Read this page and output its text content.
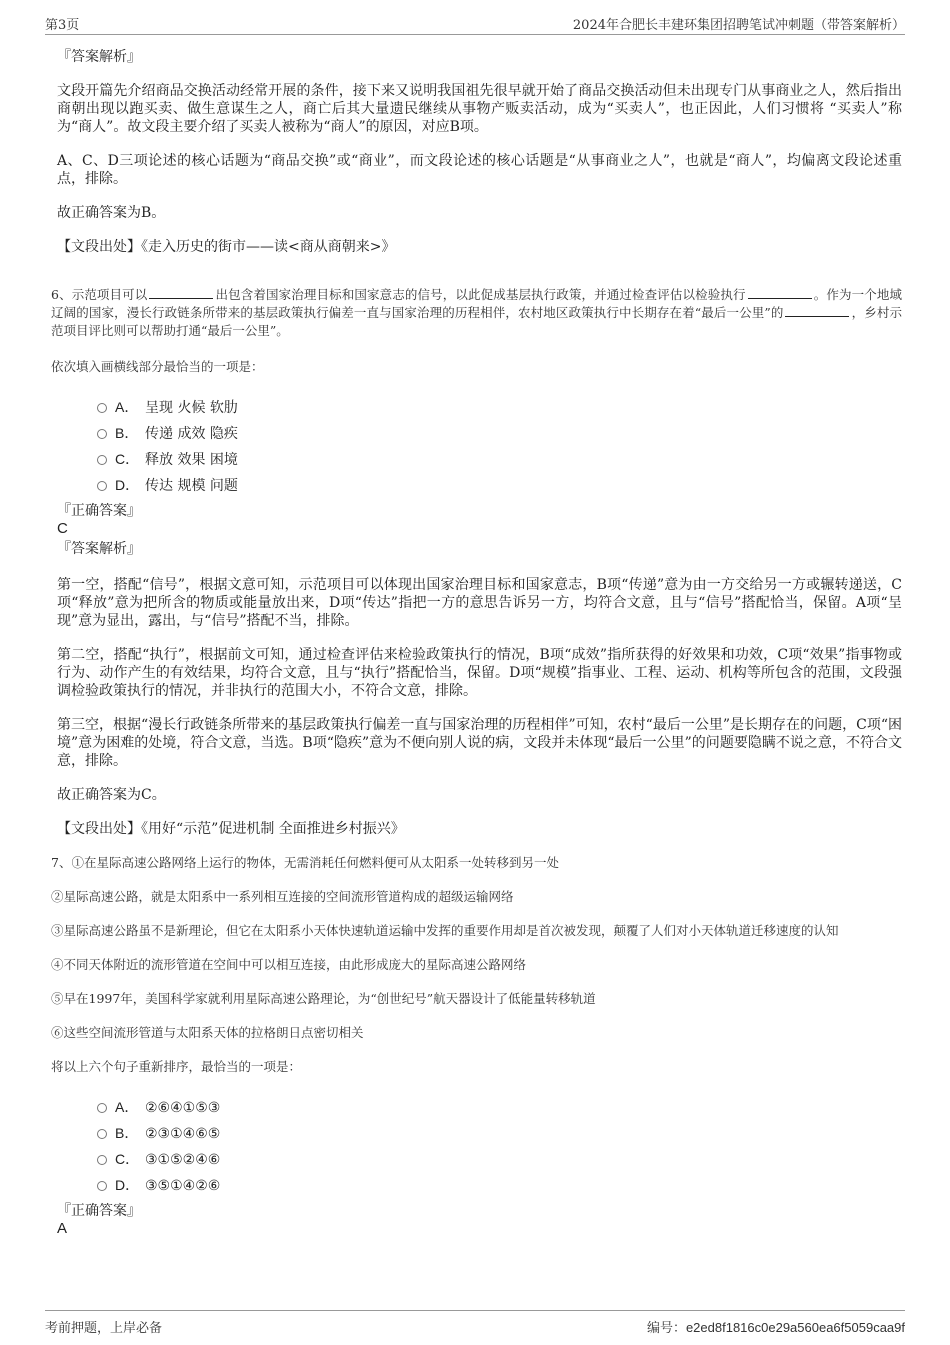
第3页	2024年合肥长丰建环集团招聘笔试冲刺题（带答案解析）

『答案解析』

文段开篇先介绍商品交换活动经常开展的条件，接下来又说明我国祖先很早就开始了商品交换活动但未出现专门从事商业之人，然后指出商朝出现以跑买卖、做生意谋生之人，商亡后其大量遗民继续从事物产贩卖活动，成为“买卖人”，也正因此，人们习惯将 “买卖人”称为“商人”。故文段主要介绍了买卖人被称为“商人”的原因，对应B项。

A、C、D三项论述的核心话题为“商品交换”或“商业”，而文段论述的核心话题是“从事商业之人”，也就是“商人”，均偏离文段论述重点，排除。

故正确答案为B。

【文段出处】《走入历史的街市——读<商从商朝来>》

6、示范项目可以	出包含着国家治理目标和国家意志的信号，以此促成基层执行政策，并通过检查评估以检验执行	。作为一个地域辽阔的国家，漫长行政链条所带来的基层政策执行偏差一直与国家治理的历程相伴，农村地区政策执行中长期存在着“最后一公里”的	，乡村示范项目评比则可以帮助打通“最后一公里”。

依次填入画横线部分最恰当的一项是：

A． 呈现 火候 软肋
B． 传递 成效 隐疾
C． 释放 效果 困境
D． 传达 规模 问题

『正确答案』

C

『答案解析』

第一空，搭配“信号”，根据文意可知，示范项目可以体现出国家治理目标和国家意志，B项“传递”意为由一方交给另一方或辗转递送，C项“释放”意为把所含的物质或能量放出来，D项“传达”指把一方的意思告诉另一方，均符合文意，且与“信号”搭配恰当，保留。A项“呈现”意为显出，露出，与“信号”搭配不当，排除。

第二空，搭配“执行”，根据前文可知，通过检查评估来检验政策执行的情况，B项“成效”指所获得的好效果和功效，C项“效果”指事物或行为、动作产生的有效结果，均符合文意，且与“执行”搭配恰当，保留。D项“规模”指事业、工程、运动、机构等所包含的范围，文段强调检验政策执行的情况，并非执行的范围大小，不符合文意，排除。

第三空，根据“漫长行政链条所带来的基层政策执行偏差一直与国家治理的历程相伴”可知，农村“最后一公里”是长期存在的问题，C项“困境”意为困难的处境，符合文意，当选。B项“隐疾”意为不便向别人说的病，文段并未体现“最后一公里”的问题要隐瞒不说之意，不符合文意，排除。

故正确答案为C。

【文段出处】《用好“示范”促进机制 全面推进乡村振兴》

7、①在星际高速公路网络上运行的物体，无需消耗任何燃料便可从太阳系一处转移到另一处

②星际高速公路，就是太阳系中一系列相互连接的空间流形管道构成的超级运输网络

③星际高速公路虽不是新理论，但它在太阳系小天体快速轨道运输中发挥的重要作用却是首次被发现，颠覆了人们对小天体轨道迁移速度的认知

④不同天体附近的流形管道在空间中可以相互连接，由此形成庞大的星际高速公路网络

⑤早在1997年，美国科学家就利用星际高速公路理论，为“创世纪号”航天器设计了低能量转移轨道

⑥这些空间流形管道与太阳系天体的拉格朗日点密切相关

将以上六个句子重新排序，最恰当的一项是：

A． ②⑥④①⑤③
B． ②③①④⑥⑤
C． ③①⑤②④⑥
D． ③⑤①④②⑥

『正确答案』

A

考前押题，上岸必备	编号：e2ed8f1816c0e29a560ea6f5059caa9f
